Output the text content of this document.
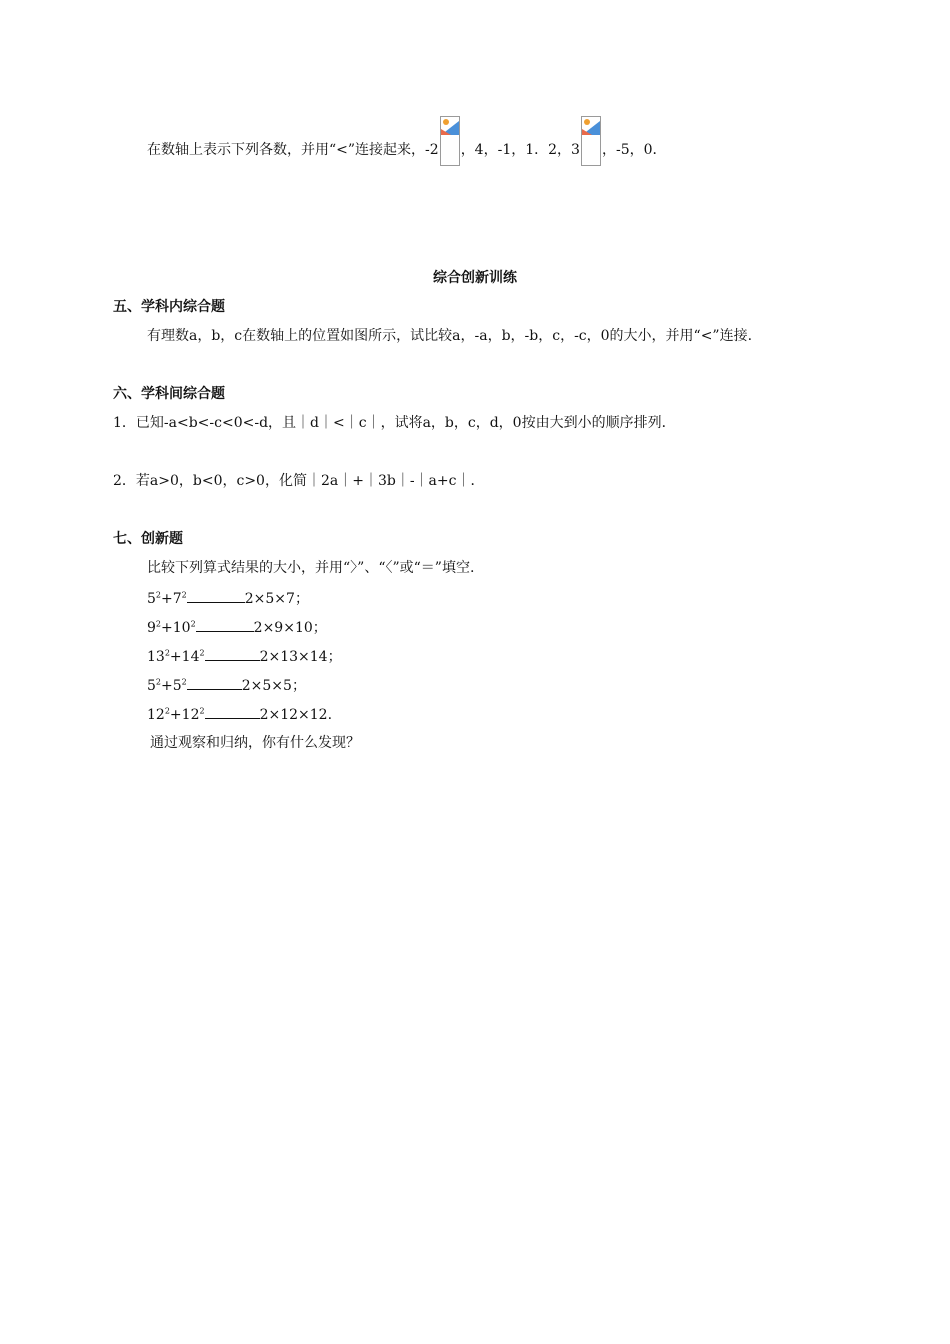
在数轴上表示下列各数，并用“<”连接起来，-2 ，4，-1，1．2，3 ，-5，0．
综合创新训练
五、学科内综合题
有理数a，b，c在数轴上的位置如图所示，试比较a，-a，b，-b，c，-c，0的大小，并用“<”连接.
六、学科间综合题
1．已知-a<b<-c<0<-d，且｜d｜<｜c｜，试将a，b，c，d，0按由大到小的顺序排列．
2．若a>0，b<0，c>0，化简｜2a｜+｜3b｜-｜a+c｜．
七、创新题
比较下列算式结果的大小，并用“〉”、“〈”或“＝”填空.
$5^2+7^2$	2×5×7；
$9^2+10^2$	2×9×10；
$13^2+14^2$	2×13×14；
$5^2+5^2$	2×5×5；
$12^2+12^2$	2×12×12.
通过观察和归纳，你有什么发现？
